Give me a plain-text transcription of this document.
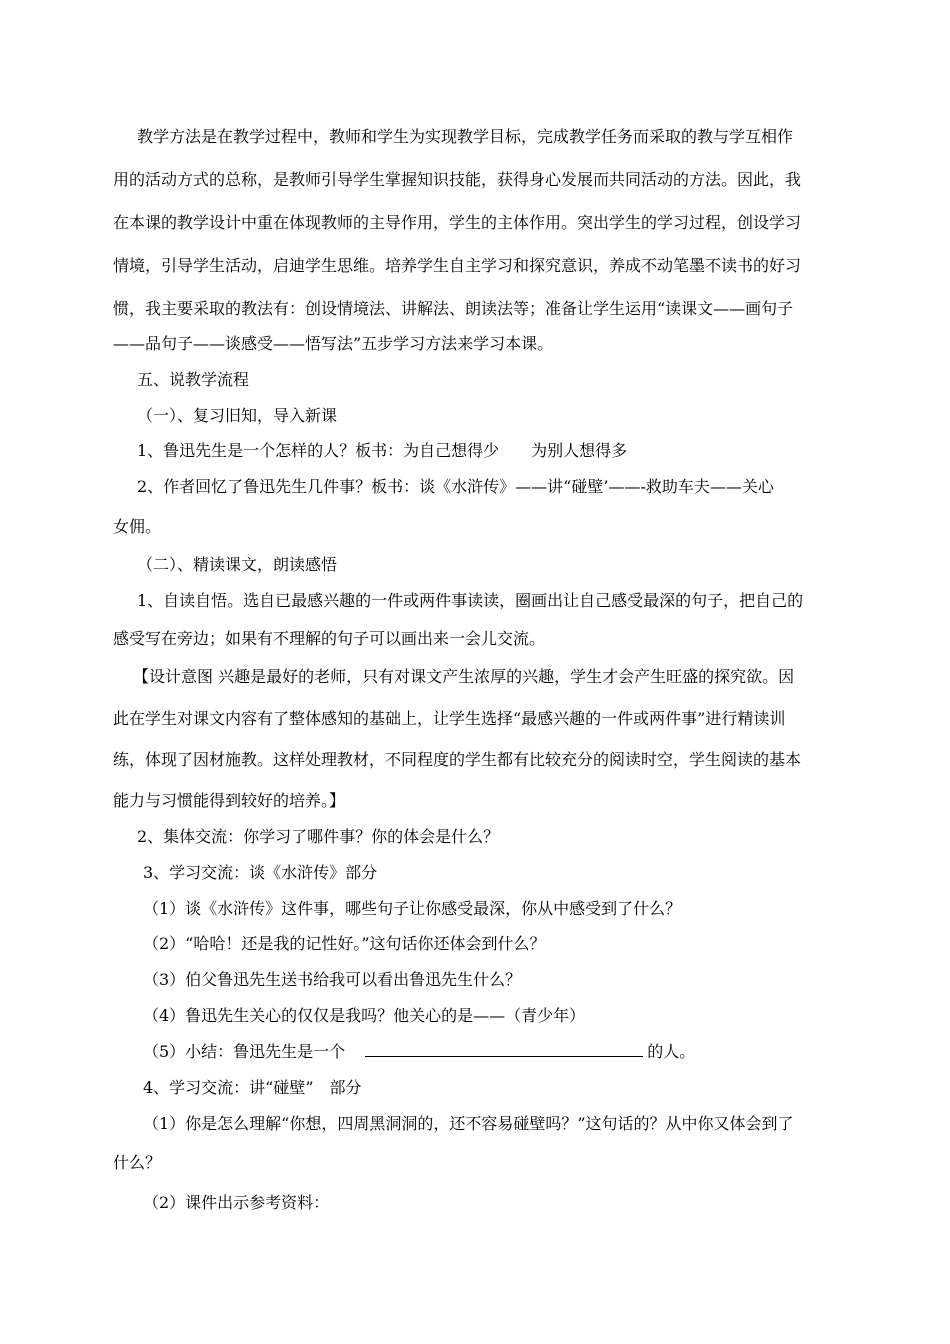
教学方法是在教学过程中，教师和学生为实现教学目标，完成教学任务而采取的教与学互相作
用的活动方式的总称，是教师引导学生掌握知识技能，获得身心发展而共同活动的方法。因此，我
在本课的教学设计中重在体现教师的主导作用，学生的主体作用。突出学生的学习过程，创设学习
情境，引导学生活动，启迪学生思维。培养学生自主学习和探究意识，养成不动笔墨不读书的好习
惯，我主要采取的教法有：创设情境法、讲解法、朗读法等；准备让学生运用“读课文——画句子
——品句子——谈感受——悟写法”五步学习方法来学习本课。
五、说教学流程
（一）、复习旧知，导入新课
1、鲁迅先生是一个怎样的人？板书：为自己想得少　　为别人想得多
2、作者回忆了鲁迅先生几件事？板书：谈《水浒传》——讲“碰壁’——-救助车夫——关心
女佣。
（二）、精读课文，朗读感悟
1、自读自悟。选自已最感兴趣的一件或两件事读读，圈画出让自己感受最深的句子，把自己的
感受写在旁边；如果有不理解的句子可以画出来一会儿交流。
【设计意图 兴趣是最好的老师，只有对课文产生浓厚的兴趣，学生才会产生旺盛的探究欲。因
此在学生对课文内容有了整体感知的基础上，让学生选择“最感兴趣的一件或两件事”进行精读训
练，体现了因材施教。这样处理教材，不同程度的学生都有比较充分的阅读时空，学生阅读的基本
能力与习惯能得到较好的培养。】
2、集体交流：你学习了哪件事？你的体会是什么？
3、学习交流：谈《水浒传》部分
（1）谈《水浒传》这件事，哪些句子让你感受最深，你从中感受到了什么？
（2）“哈哈！还是我的记性好。”这句话你还体会到什么？
（3）伯父鲁迅先生送书给我可以看出鲁迅先生什么？
（4）鲁迅先生关心的仅仅是我吗？他关心的是——（青少年）
（5）小结：鲁迅先生是一个	的人。
4、学习交流：讲“碰壁”　部分
（1）你是怎么理解“你想，四周黑洞洞的，还不容易碰壁吗？”这句话的？从中你又体会到了
什么？
（2）课件出示参考资料：
